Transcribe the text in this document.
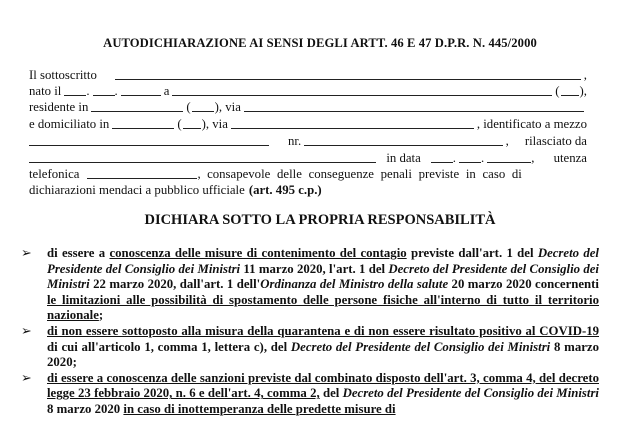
AUTODICHIARAZIONE AI SENSI DEGLI ARTT. 46 E 47 D.P.R. N. 445/2000
Il sottoscritto	,
nato il . .	a	( ),
residente in	( ), via
e domiciliato in	( ), via	, identificato a mezzo
nr.	, rilasciato da
in data	. .	, utenza
telefonica	, consapevole delle conseguenze penali previste in caso di
dichiarazioni mendaci a pubblico ufficiale (art. 495 c.p.)
DICHIARA SOTTO LA PROPRIA RESPONSABILITÀ
➢	di essere a conoscenza delle misure di contenimento del contagio previste dall'art. 1 del Decreto del Presidente del Consiglio dei Ministri 11 marzo 2020, l'art. 1 del Decreto del Presidente del Consiglio dei Ministri 22 marzo 2020, dall'art. 1 dell'Ordinanza del Ministro della salute 20 marzo 2020 concernenti le limitazioni alle possibilità di spostamento delle persone fisiche all'interno di tutto il territorio nazionale;
➢	di non essere sottoposto alla misura della quarantena e di non essere risultato positivo al COVID-19 di cui all'articolo 1, comma 1, lettera c), del Decreto del Presidente del Consiglio dei Ministri 8 marzo 2020;
➢	di essere a conoscenza delle sanzioni previste dal combinato disposto dell'art. 3, comma 4, del decreto legge 23 febbraio 2020, n. 6 e dell'art. 4, comma 2, del Decreto del Presidente del Consiglio dei Ministri 8 marzo 2020 in caso di inottemperanza delle predette misure di
